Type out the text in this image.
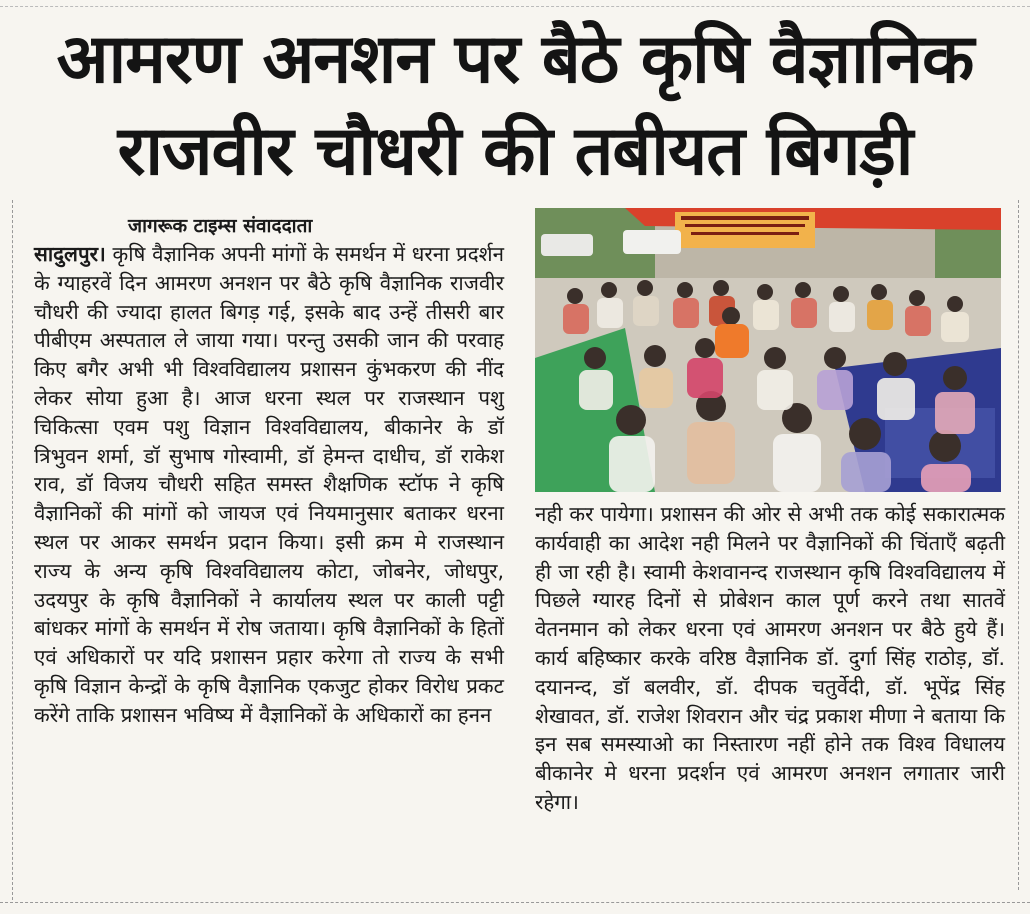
आमरण अनशन पर बैठे कृषि वैज्ञानिक
राजवीर चौधरी की तबीयत बिगड़ी
जागरूक टाइम्स संवाददाता

सादुलपुर। कृषि वैज्ञानिक अपनी मांगों के समर्थन में धरना प्रदर्शन के ग्याहरवें दिन आमरण अनशन पर बैठे कृषि वैज्ञानिक राजवीर चौधरी की ज्यादा हालत बिगड़ गई, इसके बाद उन्हें तीसरी बार पीबीएम अस्पताल ले जाया गया। परन्तु उसकी जान की परवाह किए बगैर अभी भी विश्वविद्यालय प्रशासन कुंभकरण की नींद लेकर सोया हुआ है। आज धरना स्थल पर राजस्थान पशु चिकित्सा एवम पशु विज्ञान विश्वविद्यालय, बीकानेर के डॉ त्रिभुवन शर्मा, डॉ सुभाष गोस्वामी, डॉ हेमन्त दाधीच, डॉ राकेश राव, डॉ विजय चौधरी सहित समस्त शैक्षणिक स्टॉफ ने कृषि वैज्ञानिकों की मांगों को जायज एवं नियमानुसार बताकर धरना स्थल पर आकर समर्थन प्रदान किया। इसी क्रम मे राजस्थान राज्य के अन्य कृषि विश्वविद्यालय कोटा, जोबनेर, जोधपुर, उदयपुर के कृषि वैज्ञानिकों ने कार्यालय स्थल पर काली पट्टी बांधकर मांगों के समर्थन में रोष जताया। कृषि वैज्ञानिकों के हितों एवं अधिकारों पर यदि प्रशासन प्रहार करेगा तो राज्य के सभी कृषि विज्ञान केन्द्रों के कृषि वैज्ञानिक एकजुट होकर विरोध प्रकट करेंगे ताकि प्रशासन भविष्य में वैज्ञानिकों के अधिकारों का हनन

नही कर पायेगा। प्रशासन की ओर से अभी तक कोई सकारात्मक कार्यवाही का आदेश नही मिलने पर वैज्ञानिकों की चिंताएँ बढ़ती ही जा रही है। स्वामी केशवानन्द राजस्थान कृषि विश्वविद्यालय में पिछले ग्यारह दिनों से प्रोबेशन काल पूर्ण करने तथा सातवें वेतनमान को लेकर धरना एवं आमरण अनशन पर बैठे हुये हैं। कार्य बहिष्कार करके वरिष्ठ वैज्ञानिक डॉ. दुर्गा सिंह राठोड़, डॉ. दयानन्द, डॉ बलवीर, डॉ. दीपक चतुर्वेदी, डॉ. भूपेंद्र सिंह शेखावत, डॉ. राजेश शिवरान और चंद्र प्रकाश मीणा ने बताया कि इन सब समस्याओ का निस्तारण नहीं होने तक विश्व विधालय बीकानेर मे धरना प्रदर्शन एवं आमरण अनशन लगातार जारी रहेगा।
